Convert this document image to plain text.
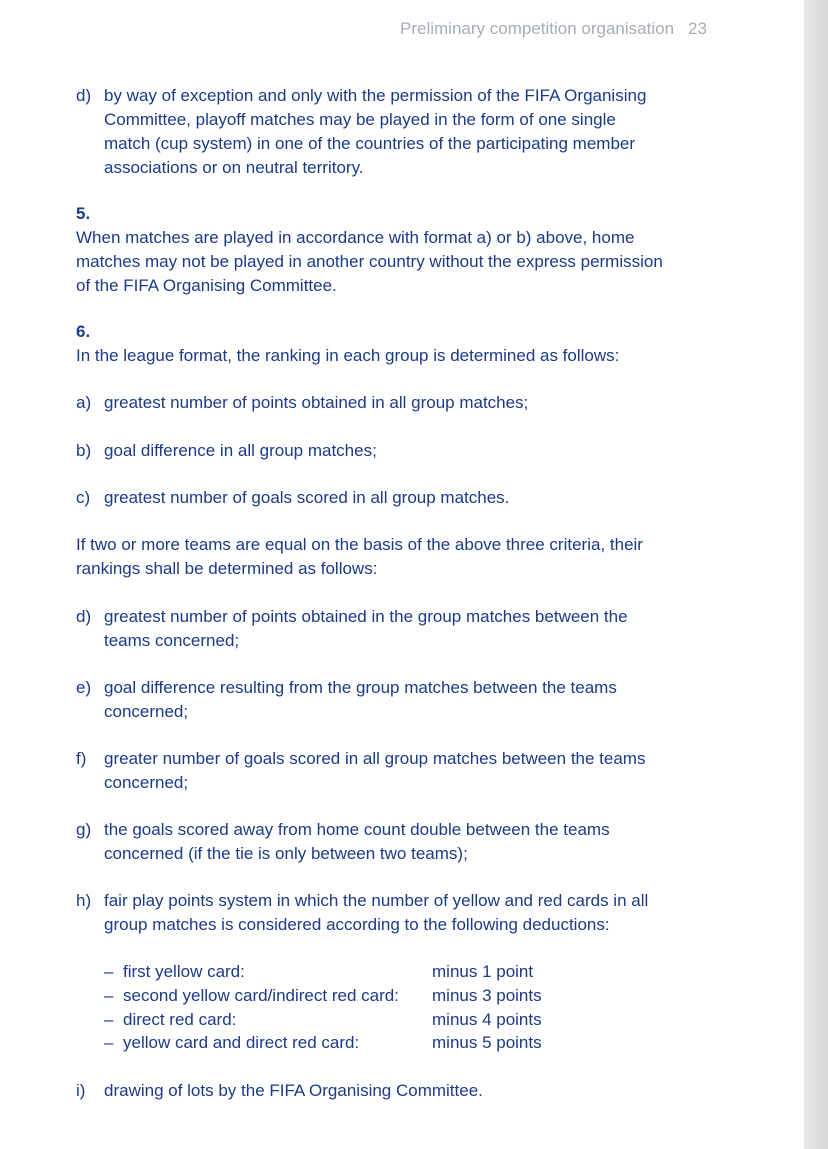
Preliminary competition organisation 23
d) by way of exception and only with the permission of the FIFA Organising
Committee, playoff matches may be played in the form of one single
match (cup system) in one of the countries of the participating member
associations or on neutral territory.
5.
When matches are played in accordance with format a) or b) above, home
matches may not be played in another country without the express permission
of the FIFA Organising Committee.
6.
In the league format, the ranking in each group is determined as follows:
a) greatest number of points obtained in all group matches;
b) goal difference in all group matches;
c) greatest number of goals scored in all group matches.
If two or more teams are equal on the basis of the above three criteria, their
rankings shall be determined as follows:
d) greatest number of points obtained in the group matches between the
teams concerned;
e) goal difference resulting from the group matches between the teams
concerned;
f) greater number of goals scored in all group matches between the teams
concerned;
g) the goals scored away from home count double between the teams
concerned (if the tie is only between two teams);
h) fair play points system in which the number of yellow and red cards in all
group matches is considered according to the following deductions:
– first yellow card:	minus 1 point
– second yellow card/indirect red card: minus 3 points
– direct red card:	minus 4 points
– yellow card and direct red card:	minus 5 points
i) drawing of lots by the FIFA Organising Committee.
